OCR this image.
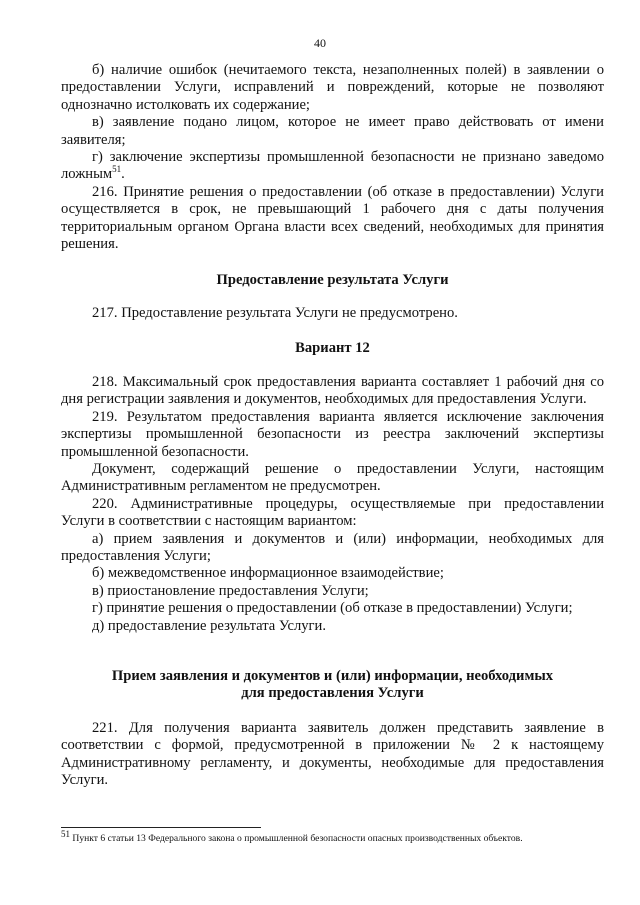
40

б) наличие ошибок (нечитаемого текста, незаполненных полей) в заявлении о предоставлении Услуги, исправлений и повреждений, которые не позволяют однозначно истолковать их содержание;

в) заявление подано лицом, которое не имеет право действовать от имени заявителя;

г) заключение экспертизы промышленной безопасности не признано заведомо ложным$^{51}$.

216. Принятие решения о предоставлении (об отказе в предоставлении) Услуги осуществляется в срок, не превышающий 1 рабочего дня с даты получения территориальным органом Органа власти всех сведений, необходимых для принятия решения.

Предоставление результата Услуги

217. Предоставление результата Услуги не предусмотрено.

Вариант 12

218. Максимальный срок предоставления варианта составляет 1 рабочий дня со дня регистрации заявления и документов, необходимых для предоставления Услуги.

219. Результатом предоставления варианта является исключение заключения экспертизы промышленной безопасности из реестра заключений экспертизы промышленной безопасности.

Документ, содержащий решение о предоставлении Услуги, настоящим Административным регламентом не предусмотрен.

220. Административные процедуры, осуществляемые при предоставлении Услуги в соответствии с настоящим вариантом:

а) прием заявления и документов и (или) информации, необходимых для предоставления Услуги;

б) межведомственное информационное взаимодействие;

в) приостановление предоставления Услуги;

г) принятие решения о предоставлении (об отказе в предоставлении) Услуги;

д) предоставление результата Услуги.

Прием заявления и документов и (или) информации, необходимых
для предоставления Услуги

221. Для получения варианта заявитель должен представить заявление в соответствии с формой, предусмотренной в приложении № 2 к настоящему Административному регламенту, и документы, необходимые для предоставления Услуги.

$^{51}$ Пункт 6 статьи 13 Федерального закона о промышленной безопасности опасных производственных объектов.
